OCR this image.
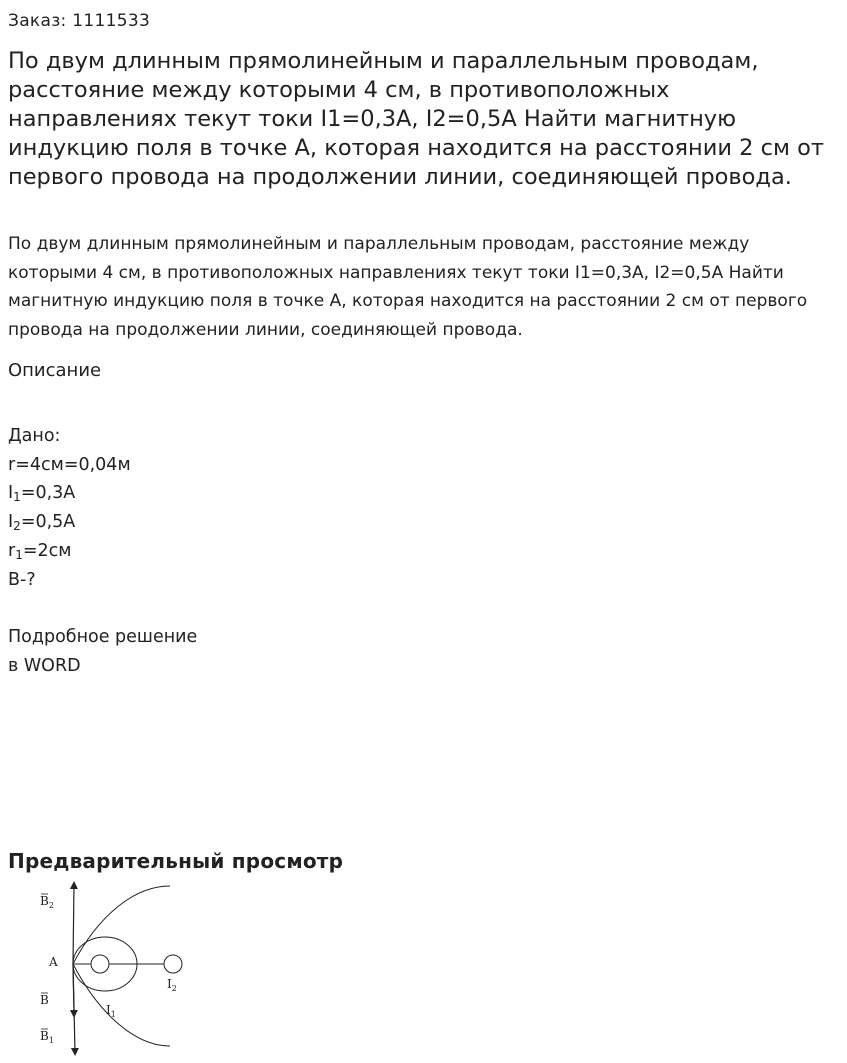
Заказ: 1111533
По двум длинным прямолинейным и параллельным проводам, расстояние между которыми 4 см, в противоположных направлениях текут токи I1=0,3А, I2=0,5А Найти магнитную индукцию поля в точке А, которая находится на расстоянии 2 см от первого провода на продолжении линии, соединяющей провода.

По двум длинным прямолинейным и параллельным проводам, расстояние между которыми 4 см, в противоположных направлениях текут токи I1=0,3А, I2=0,5А Найти магнитную индукцию поля в точке А, которая находится на расстоянии 2 см от первого провода на продолжении линии, соединяющей провода.

Описание
Дано:
r=4см=0,04м
$I_1=0,3А$
$I_2=0,5А$
$r_1=2см$
B-?
Подробное решение
в WORD
Предварительный просмотр
$B_2$
A
B
$B_1$
$I_1$
$I_2$
